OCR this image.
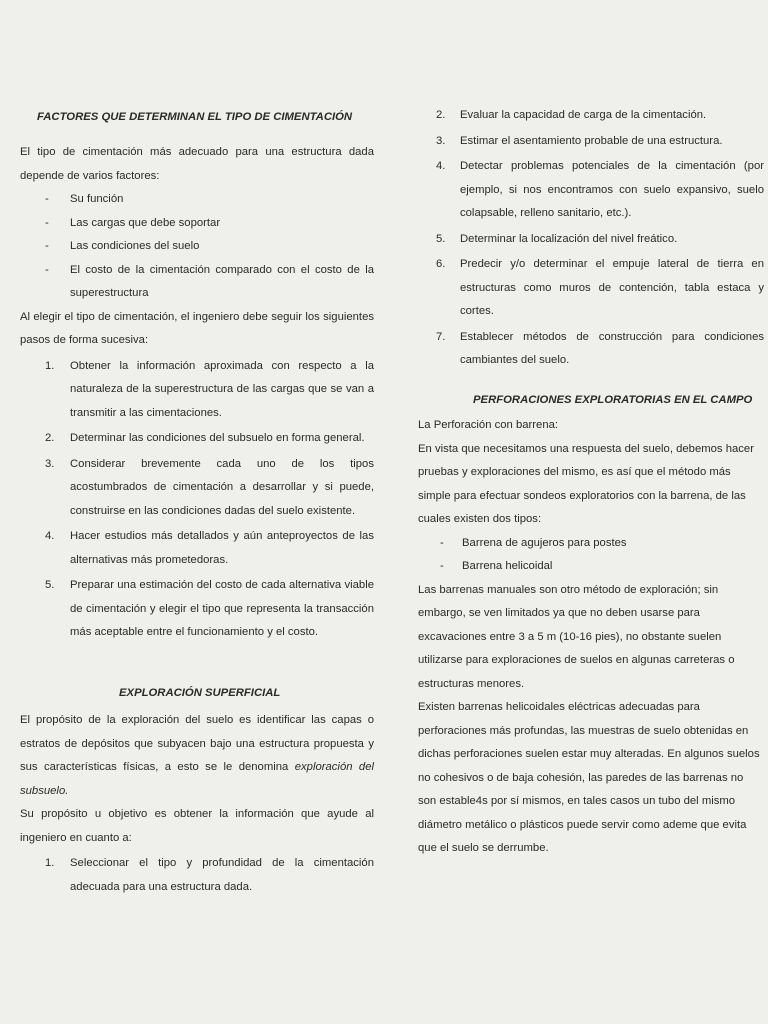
FACTORES QUE DETERMINAN EL TIPO DE CIMENTACIÓN

El tipo de cimentación más adecuado para una estructura dada depende de varios factores:

- Su función
- Las cargas que debe soportar
- Las condiciones del suelo
- El costo de la cimentación comparado con el costo de la superestructura

Al elegir el tipo de cimentación, el ingeniero debe seguir los siguientes pasos de forma sucesiva:

1. Obtener la información aproximada con respecto a la naturaleza de la superestructura de las cargas que se van a transmitir a las cimentaciones.
2. Determinar las condiciones del subsuelo en forma general.
3. Considerar brevemente cada uno de los tipos acostumbrados de cimentación a desarrollar y si puede, construirse en las condiciones dadas del suelo existente.
4. Hacer estudios más detallados y aún anteproyectos de las alternativas más prometedoras.
5. Preparar una estimación del costo de cada alternativa viable de cimentación y elegir el tipo que representa la transacción más aceptable entre el funcionamiento y el costo.
EXPLORACIÓN SUPERFICIAL

El propósito de la exploración del suelo es identificar las capas o estratos de depósitos que subyacen bajo una estructura propuesta y sus características físicas, a esto se le denomina exploración del subsuelo.

Su propósito u objetivo es obtener la información que ayude al ingeniero en cuanto a:

1. Seleccionar el tipo y profundidad de la cimentación adecuada para una estructura dada.
2. Evaluar la capacidad de carga de la cimentación.
3. Estimar el asentamiento probable de una estructura.
4. Detectar problemas potenciales de la cimentación (por ejemplo, si nos encontramos con suelo expansivo, suelo colapsable, relleno sanitario, etc.).
5. Determinar la localización del nivel freático.
6. Predecir y/o determinar el empuje lateral de tierra en estructuras como muros de contención, tabla estaca y cortes.
7. Establecer métodos de construcción para condiciones cambiantes del suelo.
PERFORACIONES EXPLORATORIAS EN EL CAMPO

La Perforación con barrena:

En vista que necesitamos una respuesta del suelo, debemos hacer pruebas y exploraciones del mismo, es así que el método más simple para efectuar sondeos exploratorios con la barrena, de las cuales existen dos tipos:

- Barrena de agujeros para postes
- Barrena helicoidal

Las barrenas manuales son otro método de exploración; sin embargo, se ven limitados ya que no deben usarse para excavaciones entre 3 a 5 m (10-16 pies), no obstante suelen utilizarse para exploraciones de suelos en algunas carreteras o estructuras menores.

Existen barrenas helicoidales eléctricas adecuadas para perforaciones más profundas, las muestras de suelo obtenidas en dichas perforaciones suelen estar muy alteradas. En algunos suelos no cohesivos o de baja cohesión, las paredes de las barrenas no son estable4s por sí mismos, en tales casos un tubo del mismo diámetro metálico o plásticos puede servir como ademe que evita que el suelo se derrumbe.
